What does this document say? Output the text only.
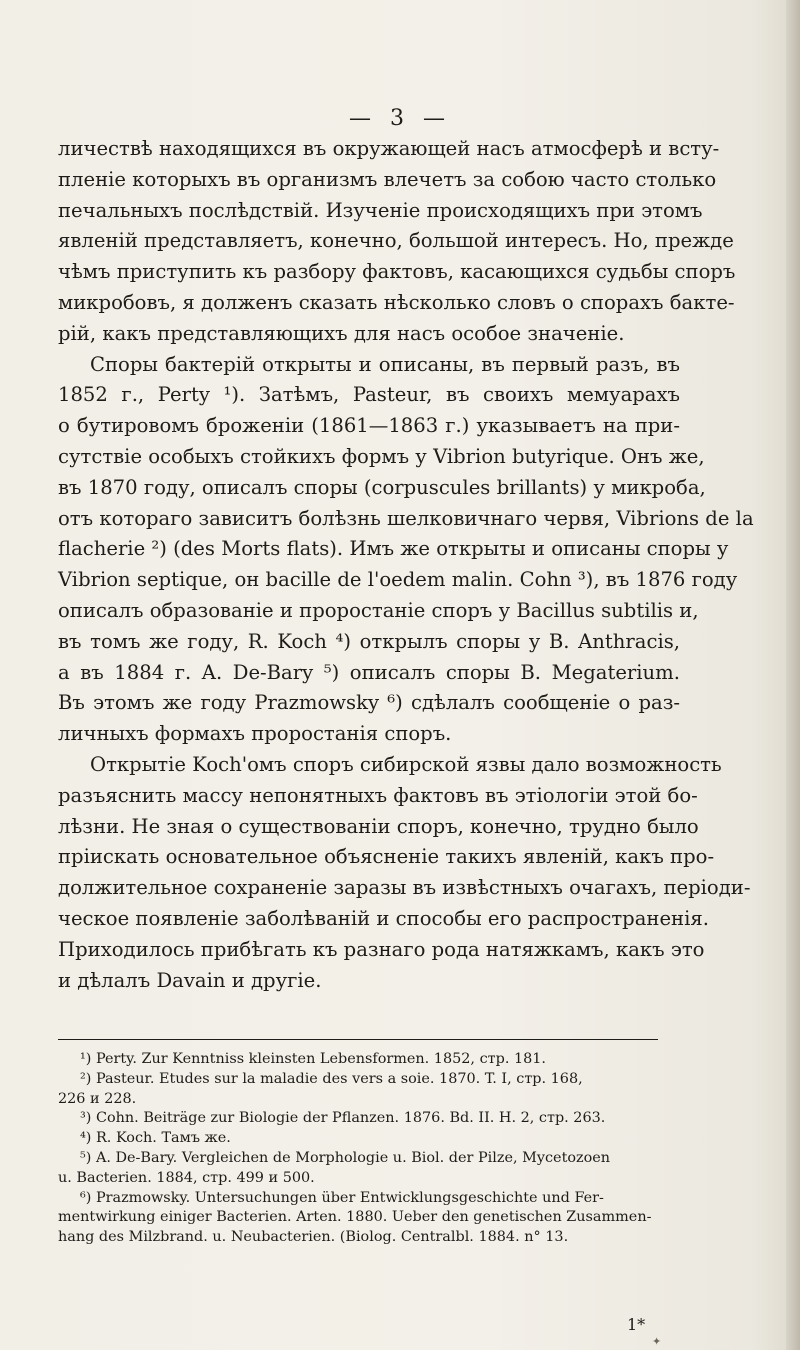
— 3 —
личествѣ находящихся въ окружающей насъ атмосферѣ и всту-
пленіе которыхъ въ организмъ влечетъ за собою часто столько
печальныхъ послѣдствій. Изученіе происходящихъ при этомъ
явленій представляетъ, конечно, большой интересъ. Но, прежде
чѣмъ приступить къ разбору фактовъ, касающихся судьбы споръ
микробовъ, я долженъ сказать нѣсколько словъ о спорахъ бакте-
рій, какъ представляющихъ для насъ особое значеніе.
Споры бактерій открыты и описаны, въ первый разъ, въ
1852 г., Perty ¹). Затѣмъ, Pasteur, въ своихъ мемуарахъ
о бутировомъ броженіи (1861—1863 г.) указываетъ на при-
сутствіе особыхъ стойкихъ формъ у Vibrion butyrique. Онъ же,
въ 1870 году, описалъ споры (corpuscules brillants) у микроба,
отъ котораго зависитъ болѣзнь шелковичнаго червя, Vibrions de la
flacherie ²) (des Morts flats). Имъ же открыты и описаны споры у
Vibrion septique, он bacille de l'oedem malin. Cohn ³), въ 1876 году
описалъ образованіе и проростаніе споръ у Bacillus subtilis и,
въ томъ же году, R. Koch ⁴) открылъ споры у B. Anthracis,
а въ 1884 г. A. De-Bary ⁵) описалъ споры B. Megaterium.
Въ этомъ же году Prazmowsky ⁶) сдѣлалъ сообщеніе о раз-
личныхъ формахъ проростанія споръ.
Открытіе Koch'омъ споръ сибирской язвы дало возможность
разъяснить массу непонятныхъ фактовъ въ этіологіи этой бо-
лѣзни. Не зная о существованіи споръ, конечно, трудно было
пріискать основательное объясненіе такихъ явленій, какъ про-
должительное сохраненіе заразы въ извѣстныхъ очагахъ, періоди-
ческое появленіе заболѣваній и способы его распространенія.
Приходилось прибѣгать къ разнаго рода натяжкамъ, какъ это
и дѣлалъ Davain и другіе.
¹) Perty. Zur Kenntniss kleinsten Lebensformen. 1852, стр. 181.
²) Pasteur. Etudes sur la maladie des vers a soie. 1870. T. I, стр. 168,
226 и 228.
³) Cohn. Beiträge zur Biologie der Pflanzen. 1876. Bd. II. H. 2, стр. 263.
⁴) R. Koch. Тамъ же.
⁵) A. De-Bary. Vergleichen de Morphologie u. Biol. der Pilze, Mycetozoen
u. Bacterien. 1884, стр. 499 и 500.
⁶) Prazmowsky. Untersuchungen über Entwicklungsgeschichte und Fer-
mentwirkung einiger Bacterien. Arten. 1880. Ueber den genetischen Zusammen-
hang des Milzbrand. u. Neubacterien. (Biolog. Centralbl. 1884. n° 13.
1*
✦
